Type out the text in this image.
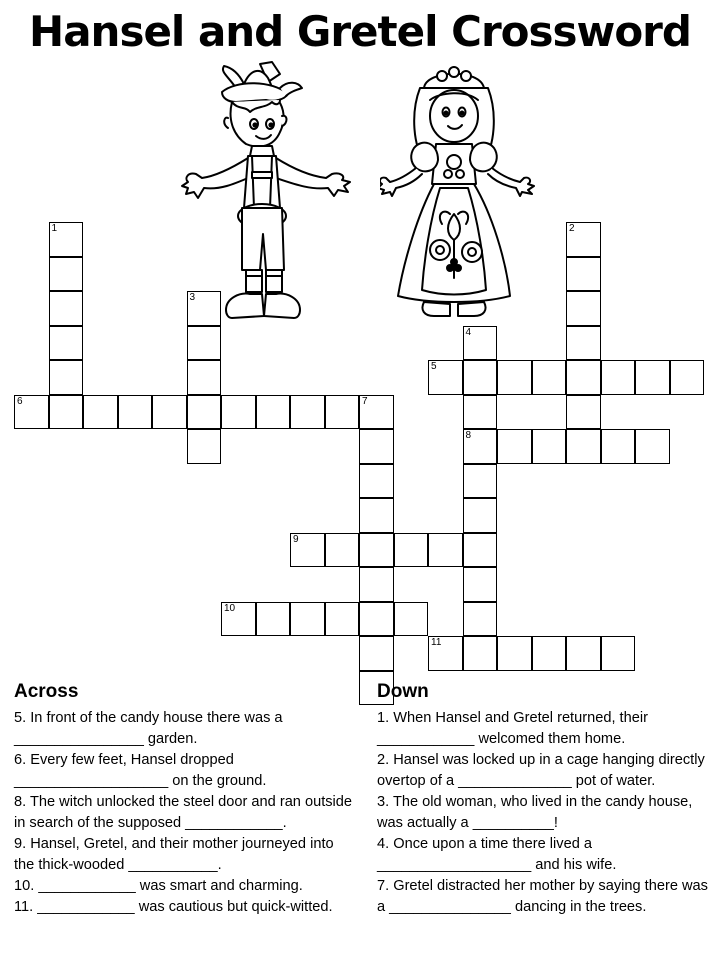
Hansel and Gretel Crossword
1	2
3
4
8
5
6	7
9
10
11
Across

5. In front of the candy house there was a ________________ garden.

6. Every few feet, Hansel dropped ___________________ on the ground.

8. The witch unlocked the steel door and ran outside in search of the supposed ____________.

9. Hansel, Gretel, and their mother journeyed into the thick-wooded ___________.

10. ____________ was smart and charming.

11. ____________ was cautious but quick-witted.

Down

1. When Hansel and Gretel returned, their ____________ welcomed them home.

2. Hansel was locked up in a cage hanging directly overtop of a ______________ pot of water.

3. The old woman, who lived in the candy house, was actually a __________!

4. Once upon a time there lived a ___________________ and his wife.

7. Gretel distracted her mother by saying there was a _______________ dancing in the trees.
